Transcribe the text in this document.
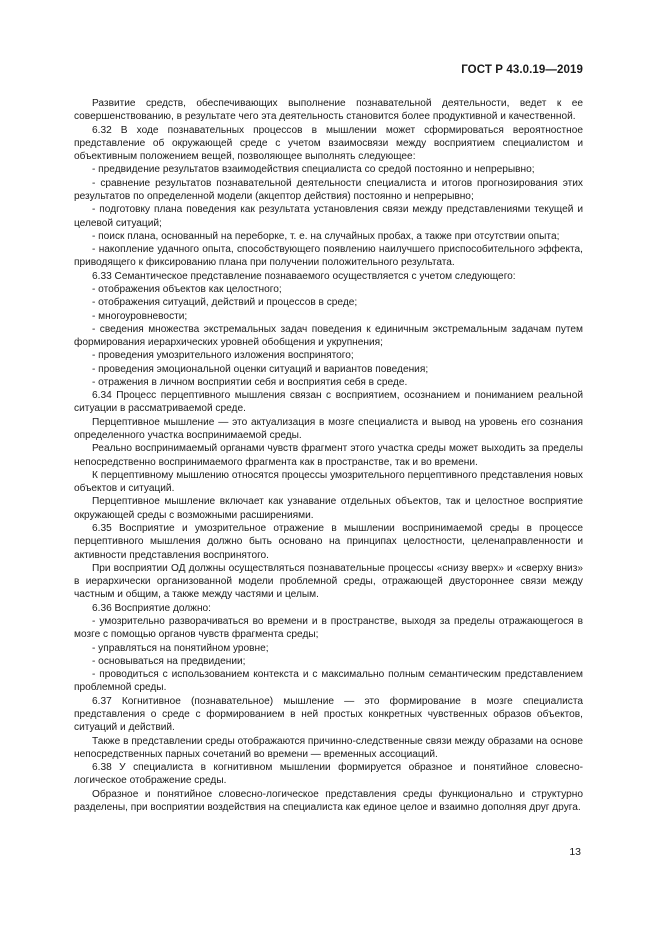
ГОСТ Р 43.0.19—2019

Развитие средств, обеспечивающих выполнение познавательной деятельности, ведет к ее совершенствованию, в результате чего эта деятельность становится более продуктивной и качественной.

6.32 В ходе познавательных процессов в мышлении может сформироваться вероятностное представление об окружающей среде с учетом взаимосвязи между восприятием специалистом и объективным положением вещей, позволяющее выполнять следующее:

- предвидение результатов взаимодействия специалиста со средой постоянно и непрерывно;

- сравнение результатов познавательной деятельности специалиста и итогов прогнозирования этих результатов по определенной модели (акцептор действия) постоянно и непрерывно;

- подготовку плана поведения как результата установления связи между представлениями текущей и целевой ситуаций;

- поиск плана, основанный на переборке, т. е. на случайных пробах, а также при отсутствии опыта;

- накопление удачного опыта, способствующего появлению наилучшего приспособительного эффекта, приводящего к фиксированию плана при получении положительного результата.

6.33 Семантическое представление познаваемого осуществляется с учетом следующего:

- отображения объектов как целостного;

- отображения ситуаций, действий и процессов в среде;

- многоуровневости;

- сведения множества экстремальных задач поведения к единичным экстремальным задачам путем формирования иерархических уровней обобщения и укрупнения;

- проведения умозрительного изложения воспринятого;

- проведения эмоциональной оценки ситуаций и вариантов поведения;

- отражения в личном восприятии себя и восприятия себя в среде.

6.34 Процесс перцептивного мышления связан с восприятием, осознанием и пониманием реальной ситуации в рассматриваемой среде.

Перцептивное мышление — это актуализация в мозге специалиста и вывод на уровень его сознания определенного участка воспринимаемой среды.

Реально воспринимаемый органами чувств фрагмент этого участка среды может выходить за пределы непосредственно воспринимаемого фрагмента как в пространстве, так и во времени.

К перцептивному мышлению относятся процессы умозрительного перцептивного представления новых объектов и ситуаций.

Перцептивное мышление включает как узнавание отдельных объектов, так и целостное восприятие окружающей среды с возможными расширениями.

6.35 Восприятие и умозрительное отражение в мышлении воспринимаемой среды в процессе перцептивного мышления должно быть основано на принципах целостности, целенаправленности и активности представления воспринятого.

При восприятии ОД должны осуществляться познавательные процессы «снизу вверх» и «сверху вниз» в иерархически организованной модели проблемной среды, отражающей двустороннее связи между частным и общим, а также между частями и целым.

6.36 Восприятие должно:

- умозрительно разворачиваться во времени и в пространстве, выходя за пределы отражающегося в мозге с помощью органов чувств фрагмента среды;

- управляться на понятийном уровне;

- основываться на предвидении;

- проводиться с использованием контекста и с максимально полным семантическим представлением проблемной среды.

6.37 Когнитивное (познавательное) мышление — это формирование в мозге специалиста представления о среде с формированием в ней простых конкретных чувственных образов объектов, ситуаций и действий.

Также в представлении среды отображаются причинно-следственные связи между образами на основе непосредственных парных сочетаний во времени — временных ассоциаций.

6.38 У специалиста в когнитивном мышлении формируется образное и понятийное словесно-логическое отображение среды.

Образное и понятийное словесно-логическое представления среды функционально и структурно разделены, при восприятии воздействия на специалиста как единое целое и взаимно дополняя друг друга.

13
